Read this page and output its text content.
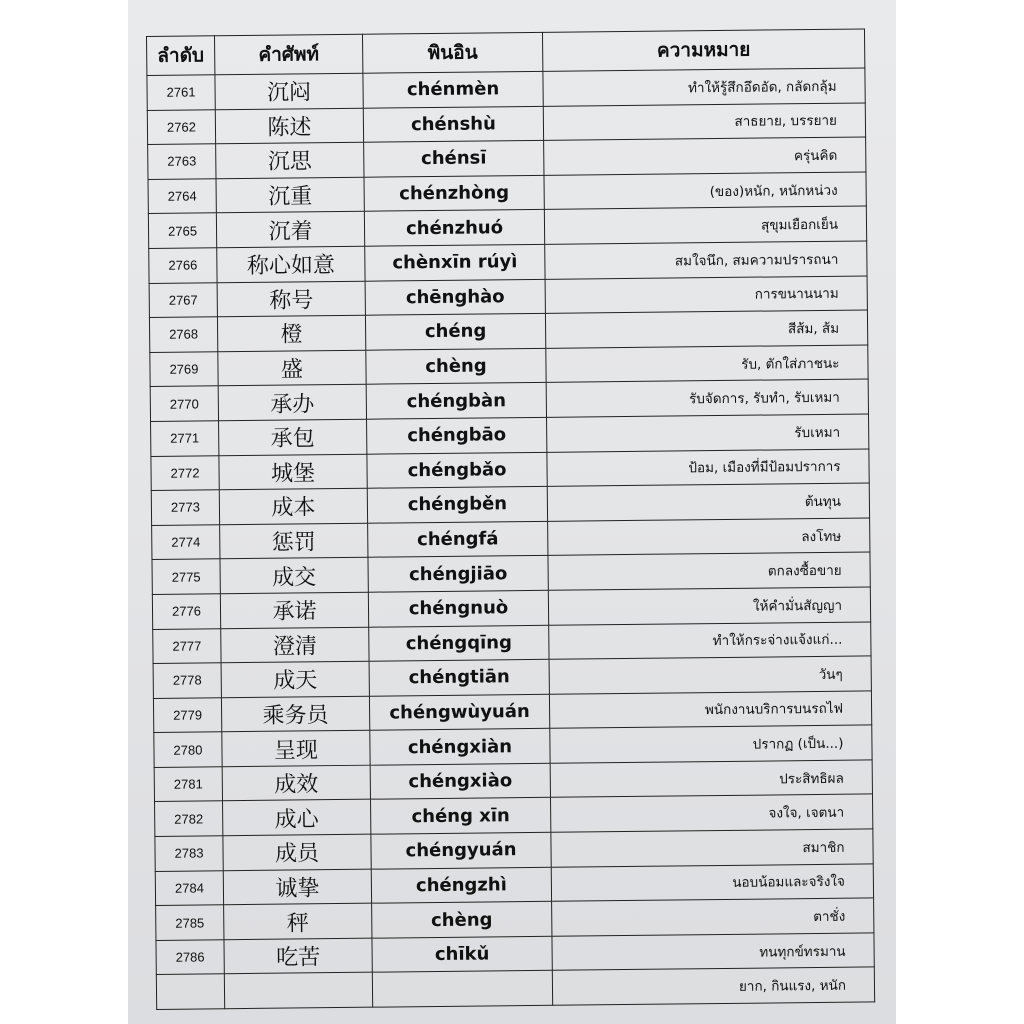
ลำดับ	คำศัพท์	พินอิน	ความหมาย
2761	沉闷	chénmèn	ทำให้รู้สึกอึดอัด, กลัดกลุ้ม
2762	陈述	chénshù	สาธยาย, บรรยาย
2763	沉思	chénsī	ครุ่นคิด
2764	沉重	chénzhòng	(ของ)หนัก, หนักหน่วง
2765	沉着	chénzhuó	สุขุมเยือกเย็น
2766	称心如意	chènxīn rúyì	สมใจนึก, สมความปรารถนา
2767	称号	chēnghào	การขนานนาม
2768	橙	chéng	สีส้ม, ส้ม
2769	盛	chèng	รับ, ตักใส่ภาชนะ
2770	承办	chéngbàn	รับจัดการ, รับทำ, รับเหมา
2771	承包	chéngbāo	รับเหมา
2772	城堡	chéngbǎo	ป้อม, เมืองที่มีป้อมปราการ
2773	成本	chéngběn	ต้นทุน
2774	惩罚	chéngfá	ลงโทษ
2775	成交	chéngjiāo	ตกลงซื้อขาย
2776	承诺	chéngnuò	ให้คำมั่นสัญญา
2777	澄清	chéngqīng	ทำให้กระจ่างแจ้งแก่...
2778	成天	chéngtiān	วันๆ
2779	乘务员	chéngwùyuán	พนักงานบริการบนรถไฟ
2780	呈现	chéngxiàn	ปรากฏ (เป็น...)
2781	成效	chéngxiào	ประสิทธิผล
2782	成心	chéng xīn	จงใจ, เจตนา
2783	成员	chéngyuán	สมาชิก
2784	诚挚	chéngzhì	นอบน้อมและจริงใจ
2785	秤	chèng	ตาชั่ง
2786	吃苦	chīkǔ	ทนทุกข์ทรมาน
			ยาก, กินแรง, หนัก
